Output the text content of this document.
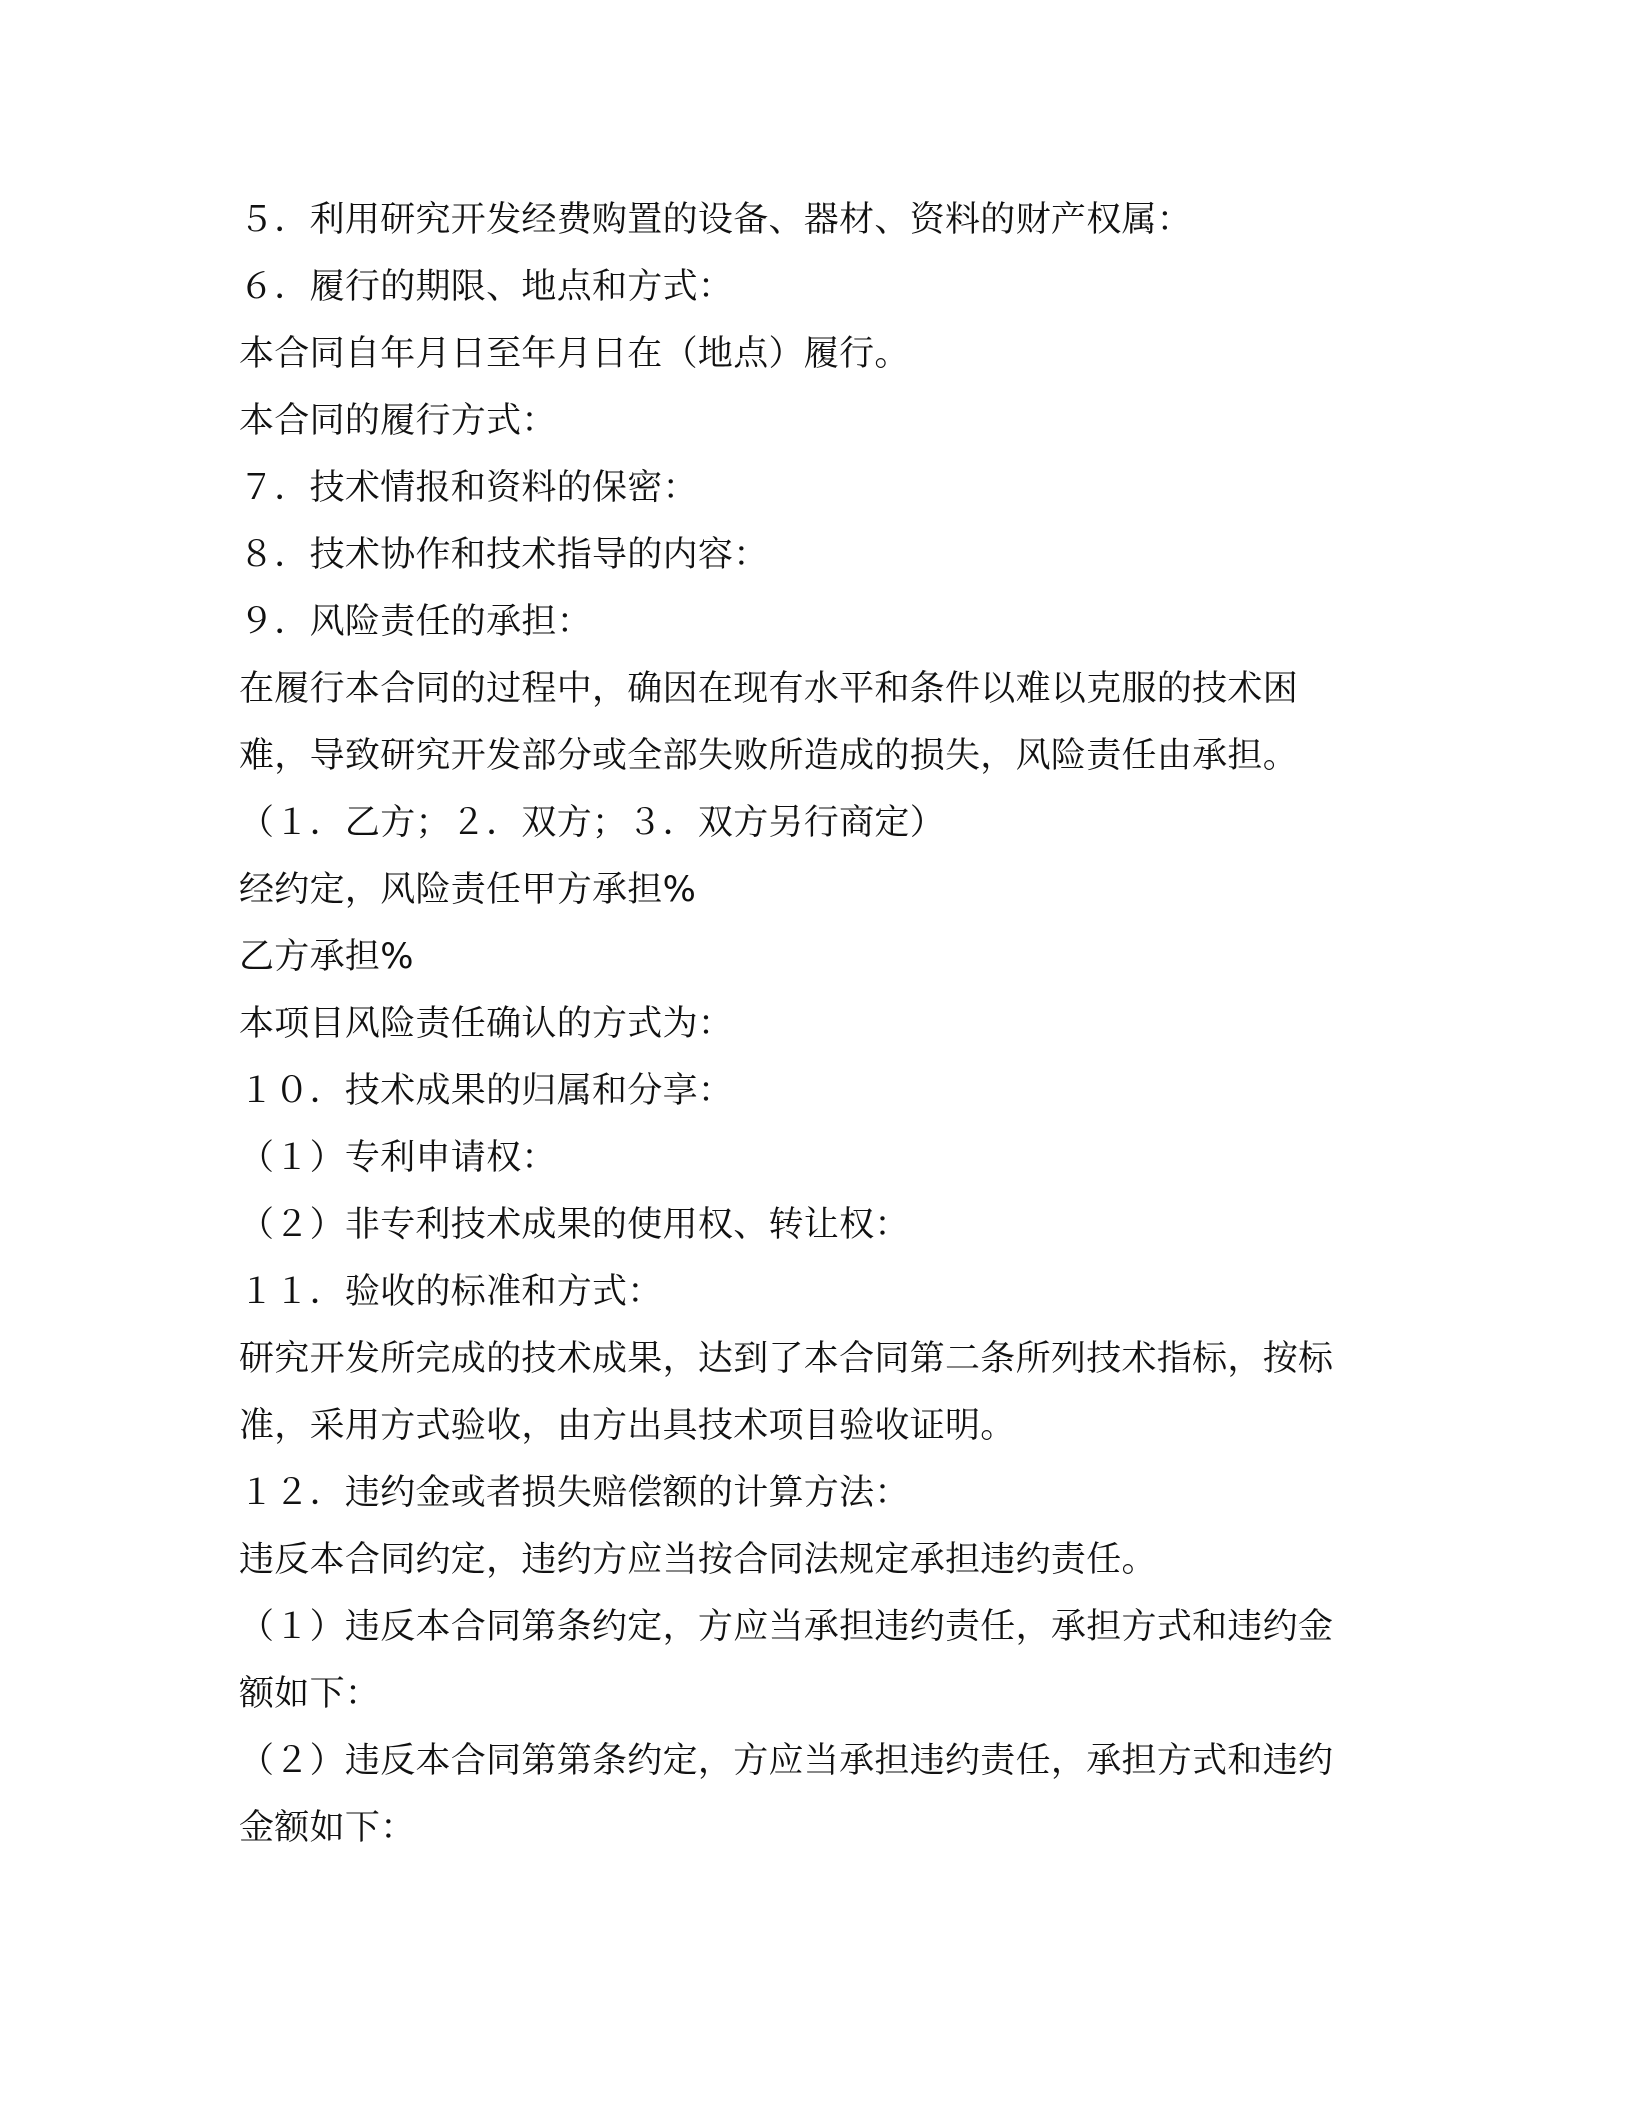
５．利用研究开发经费购置的设备、器材、资料的财产权属：
６．履行的期限、地点和方式：
本合同自年月日至年月日在（地点）履行。
本合同的履行方式：
７．技术情报和资料的保密：
８．技术协作和技术指导的内容：
９．风险责任的承担：
在履行本合同的过程中，确因在现有水平和条件以难以克服的技术困
难，导致研究开发部分或全部失败所造成的损失，风险责任由承担。
（１．乙方；２．双方；３．双方另行商定）
经约定，风险责任甲方承担%
乙方承担%
本项目风险责任确认的方式为：
１０．技术成果的归属和分享：
（１）专利申请权：
（２）非专利技术成果的使用权、转让权：
１１．验收的标准和方式：
研究开发所完成的技术成果，达到了本合同第二条所列技术指标，按标
准，采用方式验收，由方出具技术项目验收证明。
１２．违约金或者损失赔偿额的计算方法：
违反本合同约定，违约方应当按合同法规定承担违约责任。
（１）违反本合同第条约定，方应当承担违约责任，承担方式和违约金
额如下：
（２）违反本合同第第条约定，方应当承担违约责任，承担方式和违约
金额如下：
